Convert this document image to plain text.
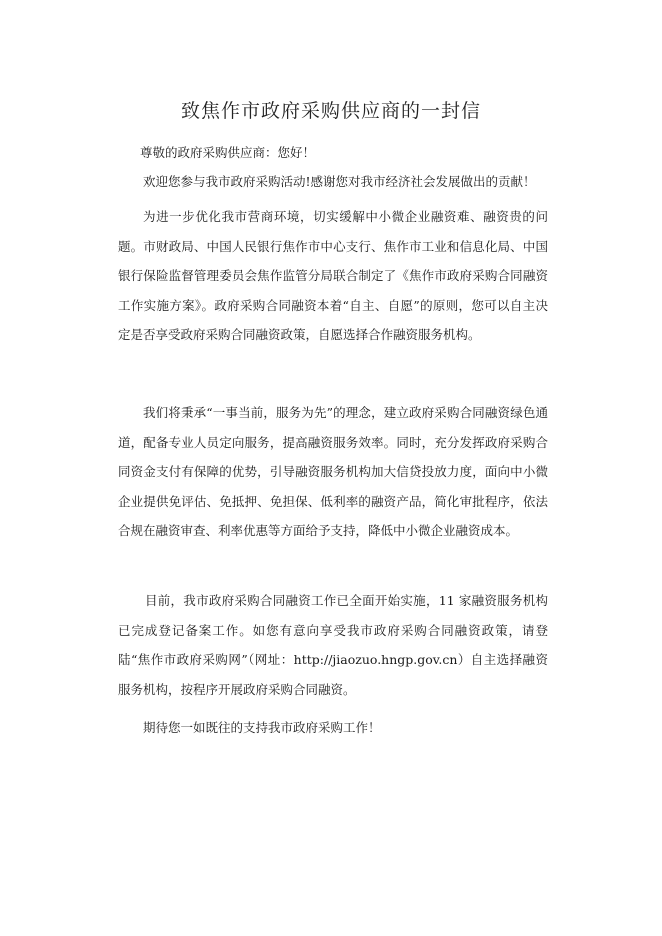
致焦作市政府采购供应商的一封信
尊敬的政府采购供应商：您好！

欢迎您参与我市政府采购活动!感谢您对我市经济社会发展做出的贡献！

为进一步优化我市营商环境，切实缓解中小微企业融资难、融资贵的问题。市财政局、中国人民银行焦作市中心支行、焦作市工业和信息化局、中国银行保险监督管理委员会焦作监管分局联合制定了《焦作市政府采购合同融资工作实施方案》。政府采购合同融资本着“自主、自愿”的原则，您可以自主决定是否享受政府采购合同融资政策，自愿选择合作融资服务机构。

我们将秉承“一事当前，服务为先”的理念，建立政府采购合同融资绿色通道，配备专业人员定向服务，提高融资服务效率。同时，充分发挥政府采购合同资金支付有保障的优势，引导融资服务机构加大信贷投放力度，面向中小微企业提供免评估、免抵押、免担保、低利率的融资产品，简化审批程序，依法合规在融资审查、利率优惠等方面给予支持，降低中小微企业融资成本。

目前，我市政府采购合同融资工作已全面开始实施，11 家融资服务机构已完成登记备案工作。如您有意向享受我市政府采购合同融资政策，请登陆“焦作市政府采购网”（网址：http://jiaozuo.hngp.gov.cn）自主选择融资服务机构，按程序开展政府采购合同融资。

期待您一如既往的支持我市政府采购工作！
